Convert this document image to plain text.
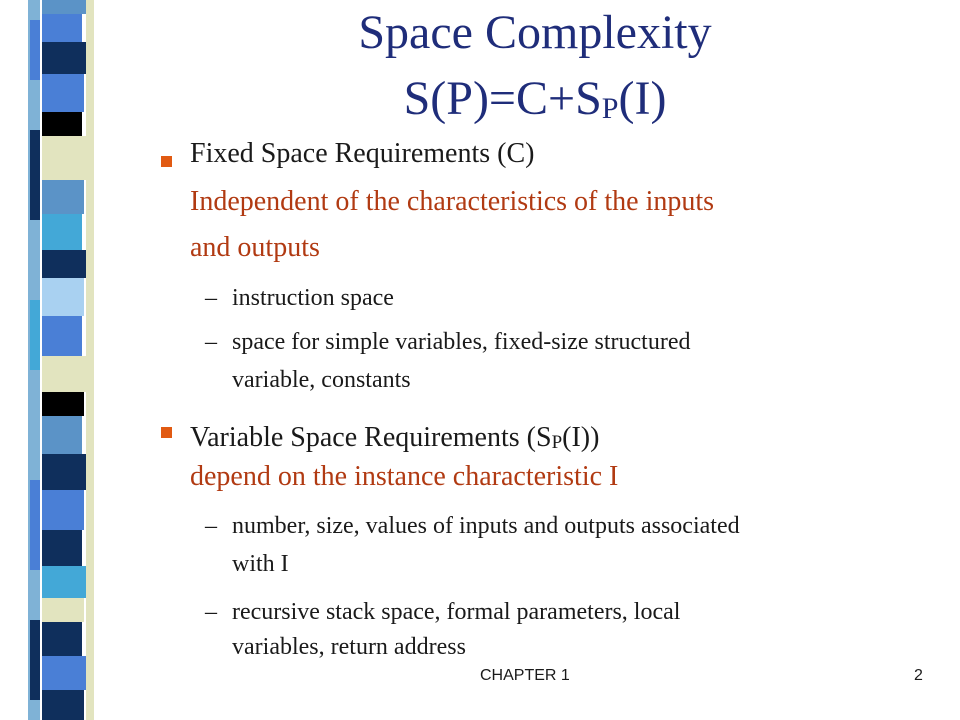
Space Complexity
$S(P)=C+S_P(I)$
Fixed Space Requirements (C)
Independent of the characteristics of the inputs
and outputs
– instruction space
– space for simple variables, fixed-size structured
variable, constants
Variable Space Requirements $(S_P(I))$
depend on the instance characteristic I
– number, size, values of inputs and outputs associated
with I
– recursive stack space, formal parameters, local
variables, return address
CHAPTER 1	2
